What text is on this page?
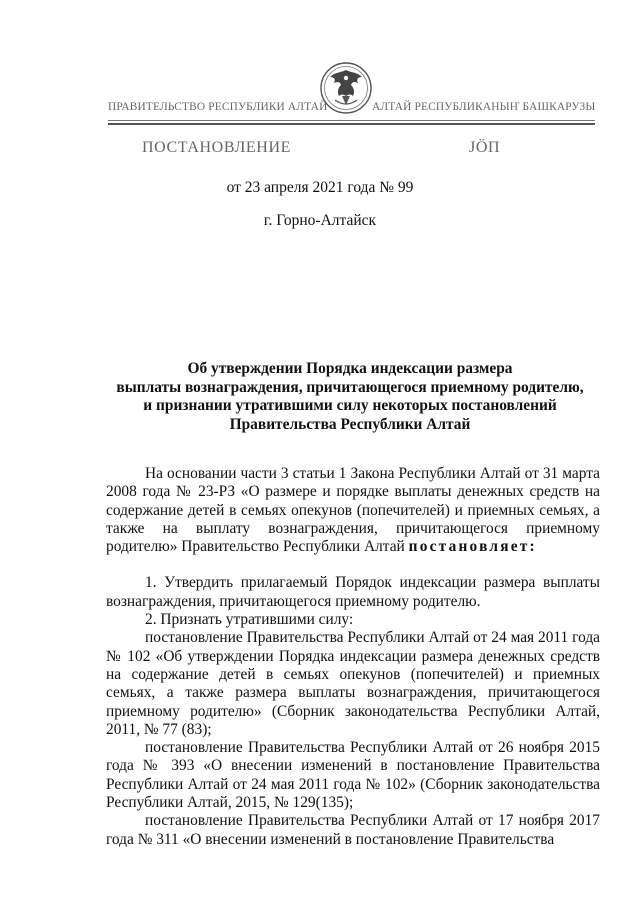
ПРАВИТЕЛЬСТВО РЕСПУБЛИКИ АЛТАЙ	АЛТАЙ РЕСПУБЛИКАНЫҤ БАШКАРУЗЫ
ПОСТАНОВЛЕНИЕ	ЈӦП
от 23 апреля 2021 года № 99
г. Горно-Алтайск
Об утверждении Порядка индексации размера
выплаты вознаграждения, причитающегося приемному родителю,
и признании утратившими силу некоторых постановлений
Правительства Республики Алтай

На основании части 3 статьи 1 Закона Республики Алтай от 31 марта 2008 года № 23-РЗ «О размере и порядке выплаты денежных средств на содержание детей в семьях опекунов (попечителей) и приемных семьях, а также на выплату вознаграждения, причитающегося приемному родителю» Правительство Республики Алтай постановляет:

1. Утвердить прилагаемый Порядок индексации размера выплаты вознаграждения, причитающегося приемному родителю.

2. Признать утратившими силу:

постановление Правительства Республики Алтай от 24 мая 2011 года № 102 «Об утверждении Порядка индексации размера денежных средств на содержание детей в семьях опекунов (попечителей) и приемных семьях, а также размера выплаты вознаграждения, причитающегося приемному родителю» (Сборник законодательства Республики Алтай, 2011, № 77 (83);

постановление Правительства Республики Алтай от 26 ноября 2015 года № 393 «О внесении изменений в постановление Правительства Республики Алтай от 24 мая 2011 года № 102» (Сборник законодательства Республики Алтай, 2015, № 129(135);

постановление Правительства Республики Алтай от 17 ноября 2017 года № 311 «О внесении изменений в постановление Правительства
